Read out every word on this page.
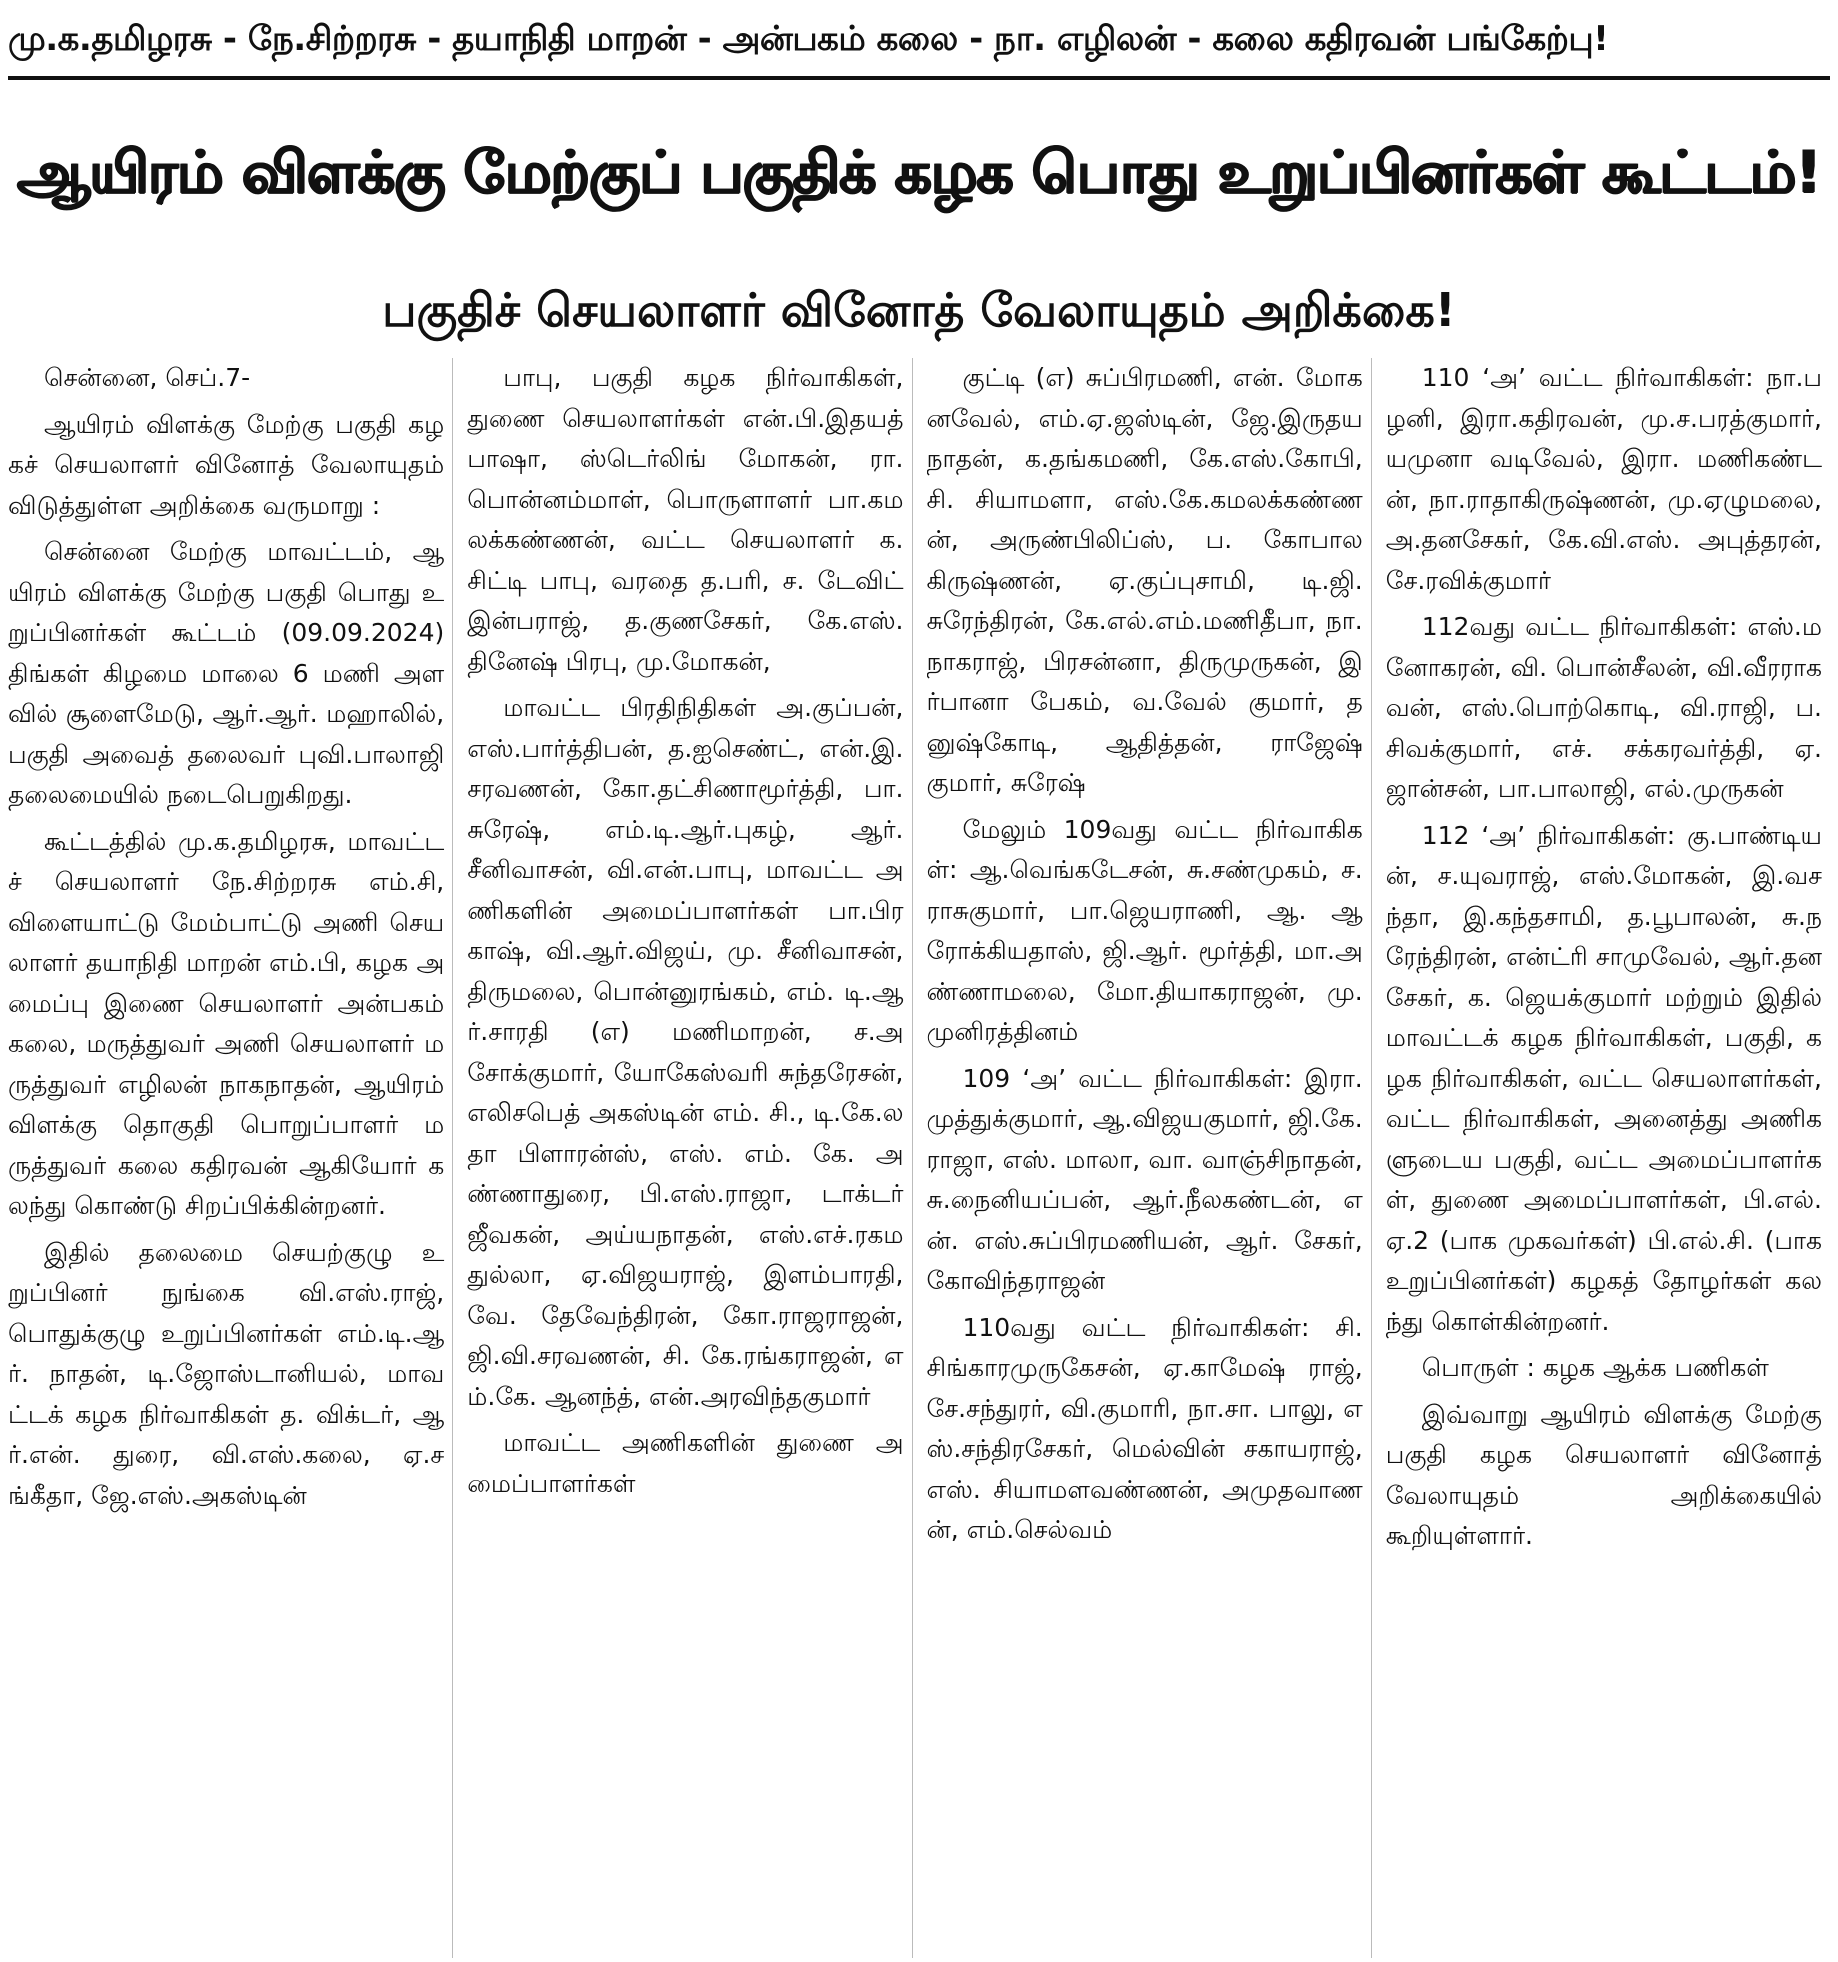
மு.க.தமிழரசு - நே.சிற்றரசு - தயாநிதி மாறன் - அன்பகம் கலை - நா. எழிலன் - கலை கதிரவன் பங்கேற்பு!
ஆயிரம் விளக்கு மேற்குப் பகுதிக் கழக பொது உறுப்பினர்கள் கூட்டம்!
பகுதிச் செயலாளர் வினோத் வேலாயுதம் அறிக்கை!

சென்னை, செப்.7-

ஆயிரம் விளக்கு மேற்கு பகுதி கழகச் செயலாளர் வினோத் வேலாயுதம் விடுத்துள்ள அறிக்கை வருமாறு :

சென்னை மேற்கு மாவட்டம், ஆயிரம் விளக்கு மேற்கு பகுதி பொது உறுப்பினர்கள் கூட்டம் (09.09.2024) திங்கள் கிழமை மாலை 6 மணி அளவில் சூளைமேடு, ஆர்.ஆர். மஹாலில், பகுதி அவைத் தலைவர் புவி.பாலாஜி தலைமையில் நடைபெறுகிறது.

கூட்டத்தில் மு.க.தமிழரசு, மாவட்டச் செயலாளர் நே.சிற்றரசு எம்.சி, விளையாட்டு மேம்பாட்டு அணி செயலாளர் தயாநிதி மாறன் எம்.பி, கழக அமைப்பு இணை செயலாளர் அன்பகம் கலை, மருத்துவர் அணி செயலாளர் மருத்துவர் எழிலன் நாகநாதன், ஆயிரம் விளக்கு தொகுதி பொறுப்பாளர் மருத்துவர் கலை கதிரவன் ஆகியோர் கலந்து கொண்டு சிறப்பிக்கின்றனர்.

இதில் தலைமை செயற்குழு உறுப்பினர் நுங்கை வி.எஸ்.ராஜ், பொதுக்குழு உறுப்பினர்கள் எம்.டி.ஆர். நாதன், டி.ஜோஸ்டானியல், மாவட்டக் கழக நிர்வாகிகள் த. விக்டர், ஆர்.என். துரை, வி.எஸ்.கலை, ஏ.சங்கீதா, ஜே.எஸ்.அகஸ்டின்

பாபு, பகுதி கழக நிர்வாகிகள், துணை செயலாளர்கள் என்.பி.இதயத் பாஷா, ஸ்டெர்லிங் மோகன், ரா. பொன்னம்மாள், பொருளாளர் பா.கமலக்கண்ணன், வட்ட செயலாளர் க.சிட்டி பாபு, வரதை த.பரி, ச. டேவிட் இன்பராஜ், த.குணசேகர், கே.எஸ்.தினேஷ் பிரபு, மு.மோகன்,

மாவட்ட பிரதிநிதிகள் அ.குப்பன், எஸ்.பார்த்திபன், த.ஐசெண்ட், என்.இ.சரவணன், கோ.தட்சிணாமூர்த்தி, பா.சுரேஷ், எம்.டி.ஆர்.புகழ், ஆர்.சீனிவாசன், வி.என்.பாபு, மாவட்ட அணிகளின் அமைப்பாளர்கள் பா.பிரகாஷ், வி.ஆர்.விஜய், மு. சீனிவாசன், திருமலை, பொன்னுரங்கம், எம். டி.ஆர்.சாரதி (எ) மணிமாறன், ச.அசோக்குமார், யோகேஸ்வரி சுந்தரேசன், எலிசபெத் அகஸ்டின் எம். சி., டி.கே.லதா பிளாரன்ஸ், எஸ். எம். கே. அண்ணாதுரை, பி.எஸ்.ராஜா, டாக்டர் ஜீவகன், அய்யநாதன், எஸ்.எச்.ரகமதுல்லா, ஏ.விஜயராஜ், இளம்பாரதி, வே. தேவேந்திரன், கோ.ராஜராஜன், ஜி.வி.சரவணன், சி. கே.ரங்கராஜன், எம்.கே. ஆனந்த், என்.அரவிந்தகுமார்

மாவட்ட அணிகளின் துணை அமைப்பாளர்கள்

குட்டி (எ) சுப்பிரமணி, என். மோகனவேல், எம்.ஏ.ஜஸ்டின், ஜே.இருதயநாதன், க.தங்கமணி, கே.எஸ்.கோபி, சி. சியாமளா, எஸ்.கே.கமலக்கண்ணன், அருண்பிலிப்ஸ், ப. கோபாலகிருஷ்ணன், ஏ.குப்புசாமி, டி.ஜி.சுரேந்திரன், கே.எல்.எம்.மணிதீபா, நா.நாகராஜ், பிரசன்னா, திருமுருகன், இர்பானா பேகம், வ.வேல் குமார், தனுஷ்கோடி, ஆதித்தன், ராஜேஷ் குமார், சுரேஷ்

மேலும் 109வது வட்ட நிர்வாகிகள்: ஆ.வெங்கடேசன், சு.சண்முகம், ச.ராசுகுமார், பா.ஜெயராணி, ஆ. ஆரோக்கியதாஸ், ஜி.ஆர். மூர்த்தி, மா.அண்ணாமலை, மோ.தியாகராஜன், மு.முனிரத்தினம்

109 ‘அ’ வட்ட நிர்வாகிகள்: இரா.முத்துக்குமார், ஆ.விஜயகுமார், ஜி.கே. ராஜா, எஸ். மாலா, வா. வாஞ்சிநாதன், சு.நைனியப்பன், ஆர்.நீலகண்டன், என். எஸ்.சுப்பிரமணியன், ஆர். சேகர், கோவிந்தராஜன்

110வது வட்ட நிர்வாகிகள்: சி.சிங்காரமுருகேசன், ஏ.காமேஷ் ராஜ், சே.சந்துரர், வி.குமாரி, நா.சா. பாலு, எஸ்.சந்திரசேகர், மெல்வின் சகாயராஜ், எஸ். சியாமளவண்ணன், அமுதவாணன், எம்.செல்வம்

110 ‘அ’ வட்ட நிர்வாகிகள்: நா.பழனி, இரா.கதிரவன், மு.ச.பரத்குமார், யமுனா வடிவேல், இரா. மணிகண்டன், நா.ராதாகிருஷ்ணன், மு.ஏழுமலை, அ.தனசேகர், கே.வி.எஸ். அபுத்தரன், சே.ரவிக்குமார்

112வது வட்ட நிர்வாகிகள்: எஸ்.மனோகரன், வி. பொன்சீலன், வி.வீரராகவன், எஸ்.பொற்கொடி, வி.ராஜி, ப.சிவக்குமார், எச். சக்கரவர்த்தி, ஏ.ஜான்சன், பா.பாலாஜி, எல்.முருகன்

112 ‘அ’ நிர்வாகிகள்: கு.பாண்டியன், ச.யுவராஜ், எஸ்.மோகன், இ.வசந்தா, இ.கந்தசாமி, த.பூபாலன், சு.நரேந்திரன், என்ட்ரி சாமுவேல், ஆர்.தனசேகர், க. ஜெயக்குமார் மற்றும் இதில் மாவட்டக் கழக நிர்வாகிகள், பகுதி, கழக நிர்வாகிகள், வட்ட செயலாளர்கள், வட்ட நிர்வாகிகள், அனைத்து அணிகளுடைய பகுதி, வட்ட அமைப்பாளர்கள், துணை அமைப்பாளர்கள், பி.எல்.ஏ.2 (பாக முகவர்கள்) பி.எல்.சி. (பாக உறுப்பினர்கள்) கழகத் தோழர்கள் கலந்து கொள்கின்றனர்.

பொருள் : கழக ஆக்க பணிகள்

இவ்வாறு ஆயிரம் விளக்கு மேற்கு பகுதி கழக செயலாளர் வினோத் வேலாயுதம் அறிக்கையில் கூறியுள்ளார்.
